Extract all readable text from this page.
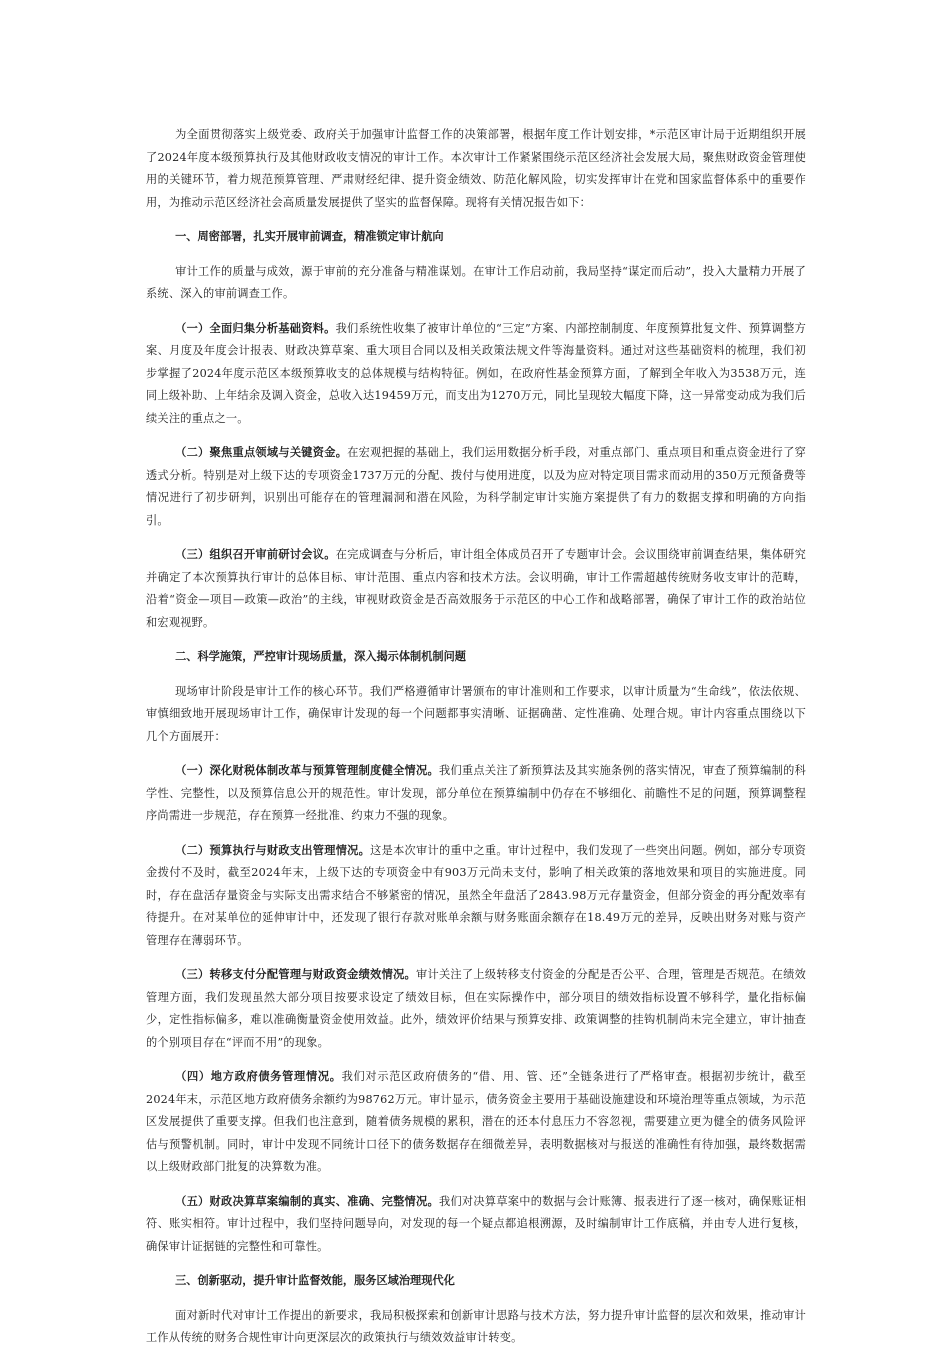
为全面贯彻落实上级党委、政府关于加强审计监督工作的决策部署，根据年度工作计划安排，*示范区审计局于近期组织开展了2024年度本级预算执行及其他财政收支情况的审计工作。本次审计工作紧紧围绕示范区经济社会发展大局，聚焦财政资金管理使用的关键环节，着力规范预算管理、严肃财经纪律、提升资金绩效、防范化解风险，切实发挥审计在党和国家监督体系中的重要作用，为推动示范区经济社会高质量发展提供了坚实的监督保障。现将有关情况报告如下：

一、周密部署，扎实开展审前调查，精准锁定审计航向

审计工作的质量与成效，源于审前的充分准备与精准谋划。在审计工作启动前，我局坚持“谋定而后动”，投入大量精力开展了系统、深入的审前调查工作。

（一）全面归集分析基础资料。我们系统性收集了被审计单位的“三定”方案、内部控制制度、年度预算批复文件、预算调整方案、月度及年度会计报表、财政决算草案、重大项目合同以及相关政策法规文件等海量资料。通过对这些基础资料的梳理，我们初步掌握了2024年度示范区本级预算收支的总体规模与结构特征。例如，在政府性基金预算方面，了解到全年收入为3538万元，连同上级补助、上年结余及调入资金，总收入达19459万元，而支出为1270万元，同比呈现较大幅度下降，这一异常变动成为我们后续关注的重点之一。

（二）聚焦重点领域与关键资金。在宏观把握的基础上，我们运用数据分析手段，对重点部门、重点项目和重点资金进行了穿透式分析。特别是对上级下达的专项资金1737万元的分配、拨付与使用进度，以及为应对特定项目需求而动用的350万元预备费等情况进行了初步研判，识别出可能存在的管理漏洞和潜在风险，为科学制定审计实施方案提供了有力的数据支撑和明确的方向指引。

（三）组织召开审前研讨会议。在完成调查与分析后，审计组全体成员召开了专题审计会。会议围绕审前调查结果，集体研究并确定了本次预算执行审计的总体目标、审计范围、重点内容和技术方法。会议明确，审计工作需超越传统财务收支审计的范畴，沿着“资金—项目—政策—政治”的主线，审视财政资金是否高效服务于示范区的中心工作和战略部署，确保了审计工作的政治站位和宏观视野。

二、科学施策，严控审计现场质量，深入揭示体制机制问题

现场审计阶段是审计工作的核心环节。我们严格遵循审计署颁布的审计准则和工作要求，以审计质量为“生命线”，依法依规、审慎细致地开展现场审计工作，确保审计发现的每一个问题都事实清晰、证据确凿、定性准确、处理合规。审计内容重点围绕以下几个方面展开：

（一）深化财税体制改革与预算管理制度健全情况。我们重点关注了新预算法及其实施条例的落实情况，审查了预算编制的科学性、完整性，以及预算信息公开的规范性。审计发现，部分单位在预算编制中仍存在不够细化、前瞻性不足的问题，预算调整程序尚需进一步规范，存在预算一经批准、约束力不强的现象。

（二）预算执行与财政支出管理情况。这是本次审计的重中之重。审计过程中，我们发现了一些突出问题。例如，部分专项资金拨付不及时，截至2024年末，上级下达的专项资金中有903万元尚未支付，影响了相关政策的落地效果和项目的实施进度。同时，存在盘活存量资金与实际支出需求结合不够紧密的情况，虽然全年盘活了2843.98万元存量资金，但部分资金的再分配效率有待提升。在对某单位的延伸审计中，还发现了银行存款对账单余额与财务账面余额存在18.49万元的差异，反映出财务对账与资产管理存在薄弱环节。

（三）转移支付分配管理与财政资金绩效情况。审计关注了上级转移支付资金的分配是否公平、合理，管理是否规范。在绩效管理方面，我们发现虽然大部分项目按要求设定了绩效目标，但在实际操作中，部分项目的绩效指标设置不够科学，量化指标偏少，定性指标偏多，难以准确衡量资金使用效益。此外，绩效评价结果与预算安排、政策调整的挂钩机制尚未完全建立，审计抽查的个别项目存在“评而不用”的现象。

（四）地方政府债务管理情况。我们对示范区政府债务的“借、用、管、还”全链条进行了严格审查。根据初步统计，截至2024年末，示范区地方政府债务余额约为98762万元。审计显示，债务资金主要用于基础设施建设和环境治理等重点领域，为示范区发展提供了重要支撑。但我们也注意到，随着债务规模的累积，潜在的还本付息压力不容忽视，需要建立更为健全的债务风险评估与预警机制。同时，审计中发现不同统计口径下的债务数据存在细微差异，表明数据核对与报送的准确性有待加强，最终数据需以上级财政部门批复的决算数为准。

（五）财政决算草案编制的真实、准确、完整情况。我们对决算草案中的数据与会计账簿、报表进行了逐一核对，确保账证相符、账实相符。审计过程中，我们坚持问题导向，对发现的每一个疑点都追根溯源，及时编制审计工作底稿，并由专人进行复核，确保审计证据链的完整性和可靠性。

三、创新驱动，提升审计监督效能，服务区域治理现代化

面对新时代对审计工作提出的新要求，我局积极探索和创新审计思路与技术方法，努力提升审计监督的层次和效果，推动审计工作从传统的财务合规性审计向更深层次的政策执行与绩效效益审计转变。
